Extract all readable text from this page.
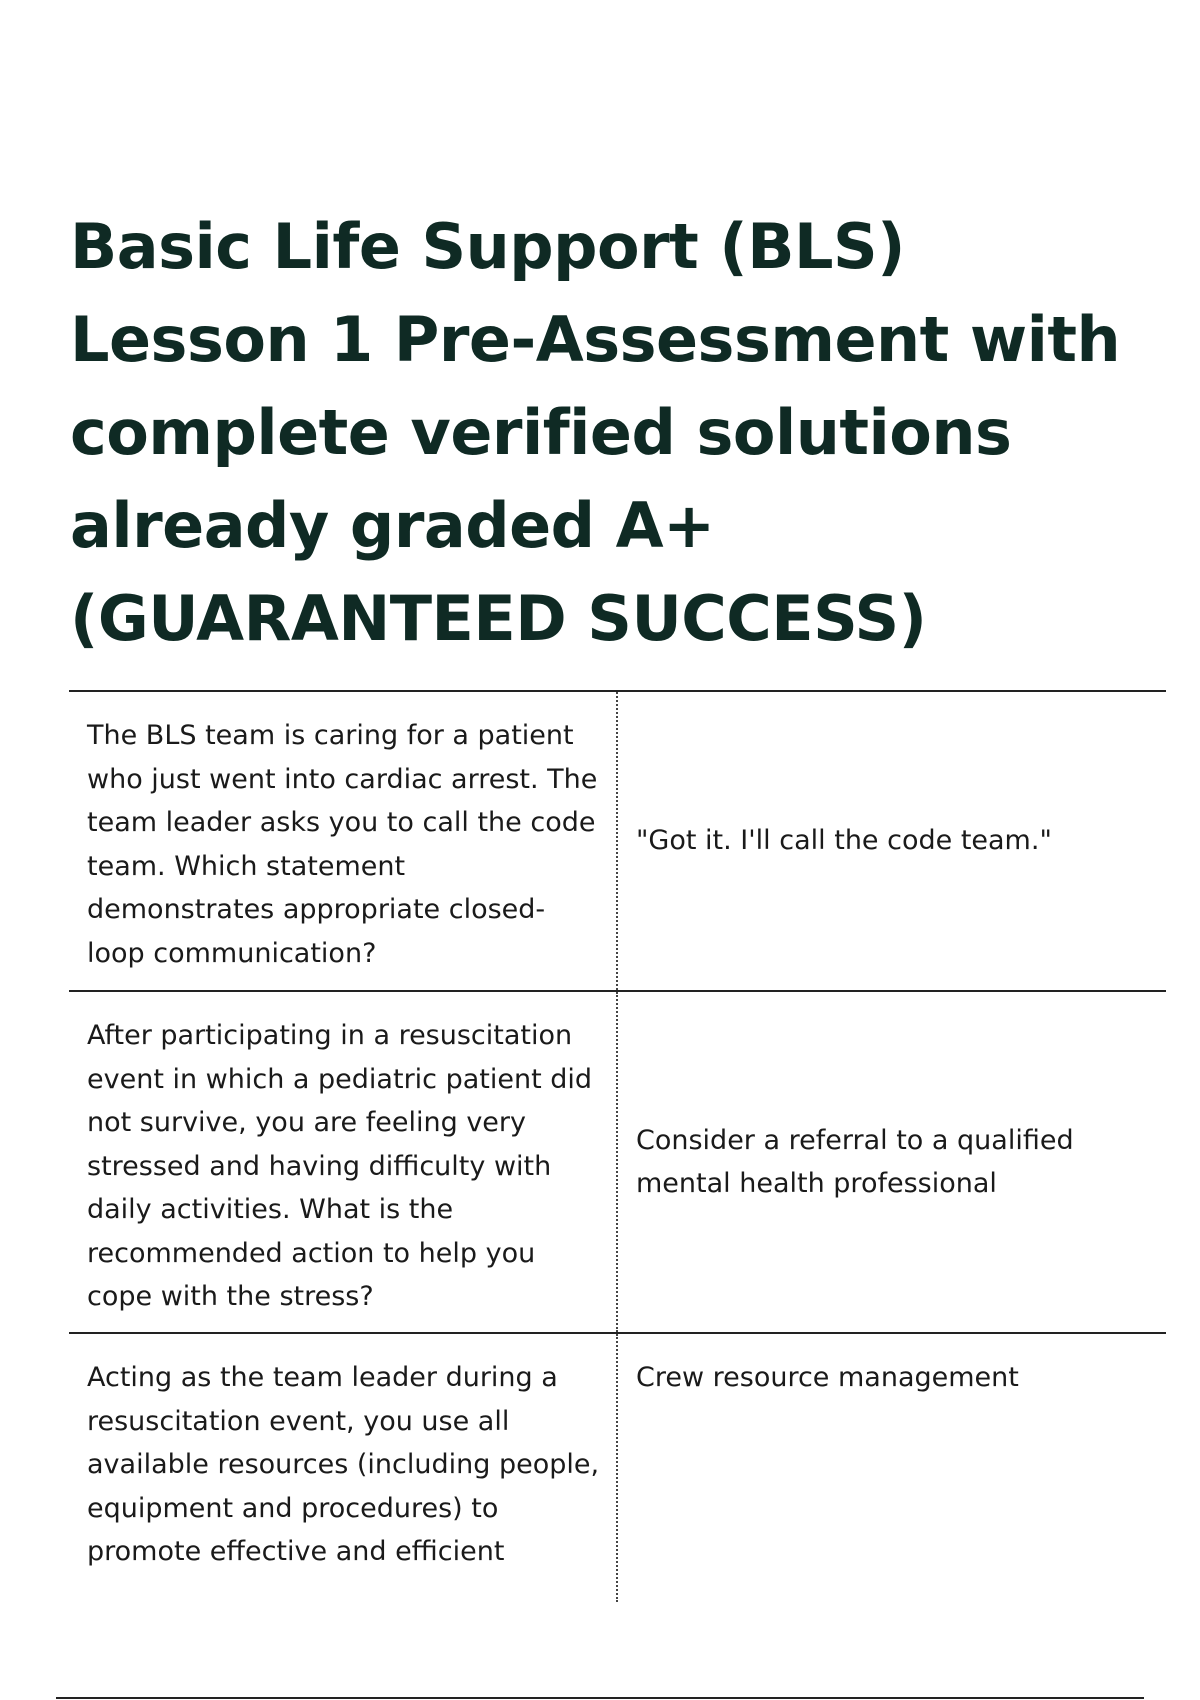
Basic Life Support (BLS) Lesson 1 Pre-Assessment with complete verified solutions already graded A+ (GUARANTEED SUCCESS)
The BLS team is caring for a patient who just went into cardiac arrest. The team leader asks you to call the code team. Which statement demonstrates appropriate closed-loop communication?
"Got it. I'll call the code team."
After participating in a resuscitation event in which a pediatric patient did not survive, you are feeling very stressed and having difficulty with daily activities. What is the recommended action to help you cope with the stress?
Consider a referral to a qualified mental health professional
Acting as the team leader during a resuscitation event, you use all available resources (including people, equipment and procedures) to promote effective and efficient
Crew resource management
